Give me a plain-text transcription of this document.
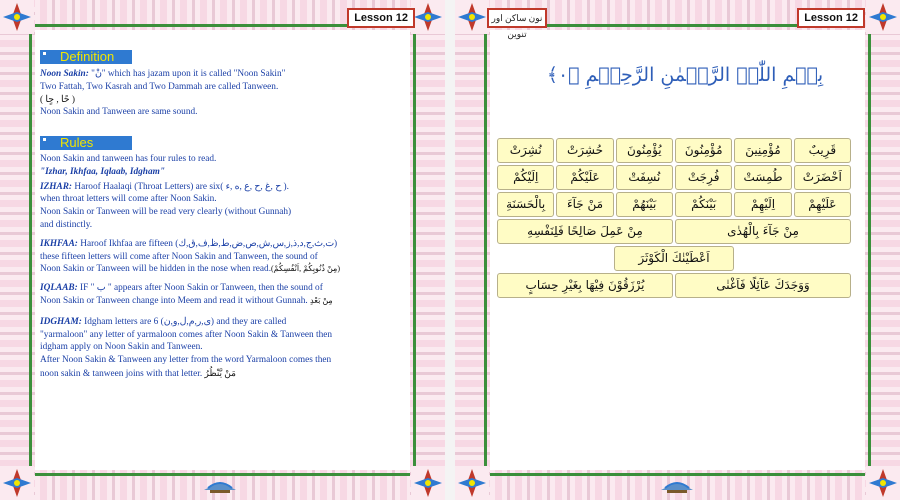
Lesson 12
Definition
Noon Sakin: "نْ" which has jazam upon it is called "Noon Sakin"
Two Fattah, Two Kasrah and Two Dammah are called Tanween.
( حًا , حٍا )
Noon Sakin and Tanween are same sound.
Rules
Noon Sakin and tanween has four rules to read.
"Izhar, Ikhfaa, Iqlaab, Idgham"
IZHAR: Haroof Haalaqi (Throat Letters) are six( ح ,غ ,ح ,ع ,ه ,ء ).
when throat letters will come after Noon Sakin.
Noon Sakin or Tanween will be read very clearly (without Gunnah)
and distinctly.
IKHFAA: Haroof Ikhfaa are fifteen (ت,ث,ج,د,ذ,ز,س,ش,ص,ض,ط,ظ,ف,ق,ك)
these fifteen letters will come after Noon Sakin and Tanween, the sound of
Noon Sakin or Tanween will be hidden in the nose when read.(مِنْ ذُنُوبِكُمْ ,اَنْفُسِكُمْ)
IQLAAB: IF " ب " appears after Noon Sakin or Tanween, then the sound of
Noon Sakin or Tanween change into Meem and read it without Gunnah. مِنْ بَعْدِ
IDGHAM: Idgham letters are 6 (ى,ر,م,ل,و,ن) and they are called
"yarmaloon" any letter of yarmaloon comes after Noon Sakin & Tanween then
idgham apply on Noon Sakin and Tanween.
After Noon Sakin & Tanween any letter from the word Yarmaloon comes then
noon sakin & tanween joins with that letter. مَنْ يَّنْظُرُ
نون ساکن اور تنوین
Lesson 12
بِسۡمِ اللّٰہِ الرَّحۡمٰنِ الرَّحِیۡمِ ﴿۰﴾
قَرِيبٌ
مُؤْمِنِينَ
مُؤْمِنُونَ
يُؤْمِنُونَ
حُشِرَتْ
نُشِرَتْ
اَحْضَرَتْ
طُمِسَتْ
فُرِجَتْ
نُسِفَتْ
عَلَيْكُمْ
اِلَيْكُمْ
عَلَيْهِمْ
اِلَيْهِمْ
بَيْنَكُمْ
بَيْنَهُمْ
مَنْ جَآءَ
بِالْحَسَنَةِ
مِنْ جَآءَ بِالْهُدٰى
مِنْ عَمِلَ صَالِحًا فَلِنَفْسِهِ
اَعْطَيْنٰكَ الْكَوْثَرَ
وَوَجَدَكَ عَآئِلًا فَاَغْنٰى
يُرْزَقُوْنَ فِيْهَا بِغَيْرِ حِسَابٍ
